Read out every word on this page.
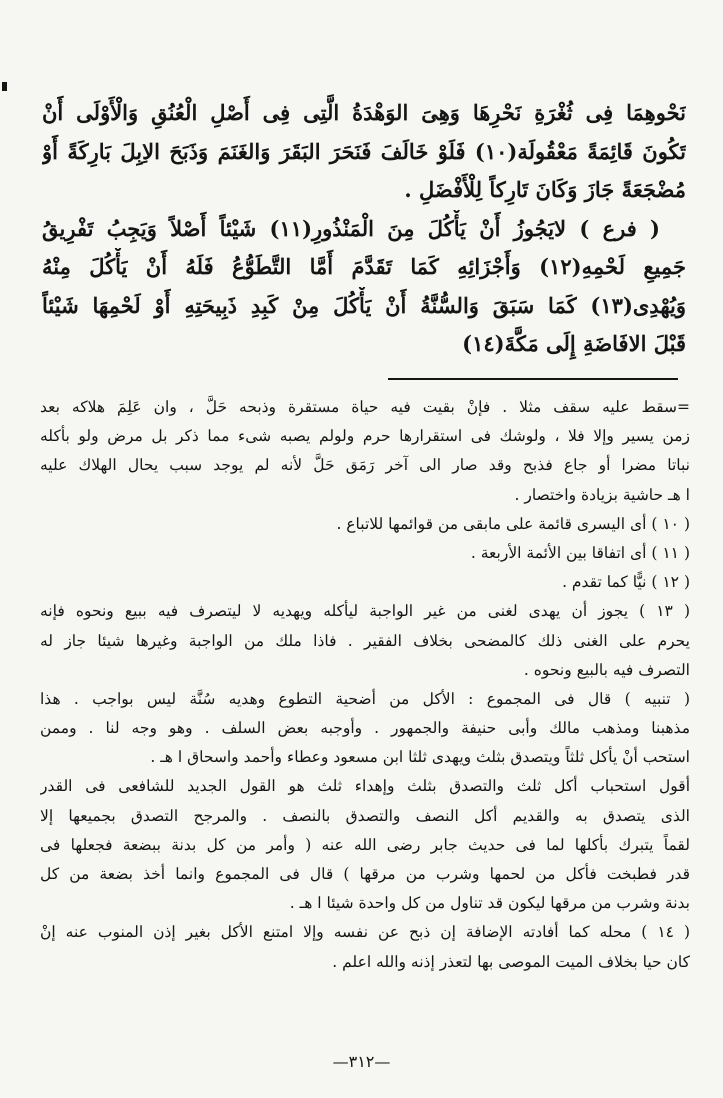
نَحْوهِمَا فِى ثُغْرَةِ نَحْرِهَا وَهِىَ الوَهْدَةُ الَّتِى فِى أَصْلِ الْعُنُقِ وَالْأَوْلَى أَنْ
تَكُونَ قَائِمَةً مَعْقُولَة(١٠) فَلَوْ خَالَفَ فَنَحَرَ البَقَرَ وَالغَنَمَ وَذَبَحَ الاِبِلَ بَارِكَةً أَوْ
مُضْجَعَةً جَازَ وَكَانَ تَارِكاً لِلْأَفْضَلِ .
( فرع ) لايَجُوزُ أَنْ يَأْكُلَ مِنَ الْمَنْذُورِ(١١) شَيْئاً أَصْلاً وَيَجِبُ تَفْرِيقُ
جَمِيعِ لَحْمِهِ(١٢) وَأَجْزَائِهِ كَمَا تَقَدَّمَ أَمَّا التَّطَوُّعُ فَلَهُ أَنْ يَأْكُلَ مِنْهُ
وَيُهْدِى(١٣) كَمَا سَبَقَ وَالسُّنَّةُ أَنْ يَأْكُلَ مِنْ كَبِدِ ذَبِيحَتِهِ أَوْ لَحْمِهَا شَيْئاً
قَبْلَ الافَاضَةِ إِلَى مَكَّةَ(١٤)
=سقط عليه سقف مثلا . فإنْ بقيت فيه حياة مستقرة وذبحه حَلَّ ، وان عَلِمَ هلاكه بعد
زمن يسير وإلا فلا ، ولوشك فى استقرارها حرم ولولم يصبه شىء مما ذكر بل مرض ولو بأكله
نباتا مضرا أو جاع فذبح وقد صار الى آخر رَمَق حَلَّ لأنه لم يوجد سبب يحال الهلاك عليه
ا هـ حاشية بزيادة واختصار .
( ١٠ ) أى اليسرى قائمة على مابقى من قوائمها للاتباع .
( ١١ ) أى اتفاقا بين الأئمة الأربعة .
( ١٢ ) نيًّا كما تقدم .
( ١٣ ) يجوز أن يهدى لغنى من غير الواجبة ليأكله ويهديه لا ليتصرف فيه ببيع ونحوه فإنه
يحرم على الغنى ذلك كالمضحى بخلاف الفقير . فاذا ملك من الواجبة وغيرها شيئا جاز له
التصرف فيه بالبيع ونحوه .
( تنبيه ) قال فى المجموع : الأكل من أضحية التطوع وهديه سُنَّة ليس بواجب . هذا
مذهبنا ومذهب مالك وأبى حنيفة والجمهور . وأوجبه بعض السلف . وهو وجه لنا . وممن
استحب أنْ يأكل ثلثاً ويتصدق بثلث ويهدى ثلثا ابن مسعود وعطاء وأحمد واسحاق ا هـ .
أقول استحباب أكل ثلث والتصدق بثلث وإهداء ثلث هو القول الجديد للشافعى فى القدر
الذى يتصدق به والقديم أكل النصف والتصدق بالنصف . والمرجح التصدق بجميعها إلا
لقماً يتبرك بأكلها لما فى حديث جابر رضى الله عنه ( وأمر من كل بدنة ببضعة فجعلها فى
قدر فطبخت فأكل من لحمها وشرب من مرقها ) قال فى المجموع وانما أخذ بضعة من كل
بدنة وشرب من مرقها ليكون قد تناول من كل واحدة شيئا ا هـ .
( ١٤ ) محله كما أفادته الإضافة إن ذبح عن نفسه وإلا امتنع الأكل بغير إذن المنوب عنه إنْ
كان حيا بخلاف الميت الموصى بها لتعذر إذنه والله اعلم .
—٣١٢—
